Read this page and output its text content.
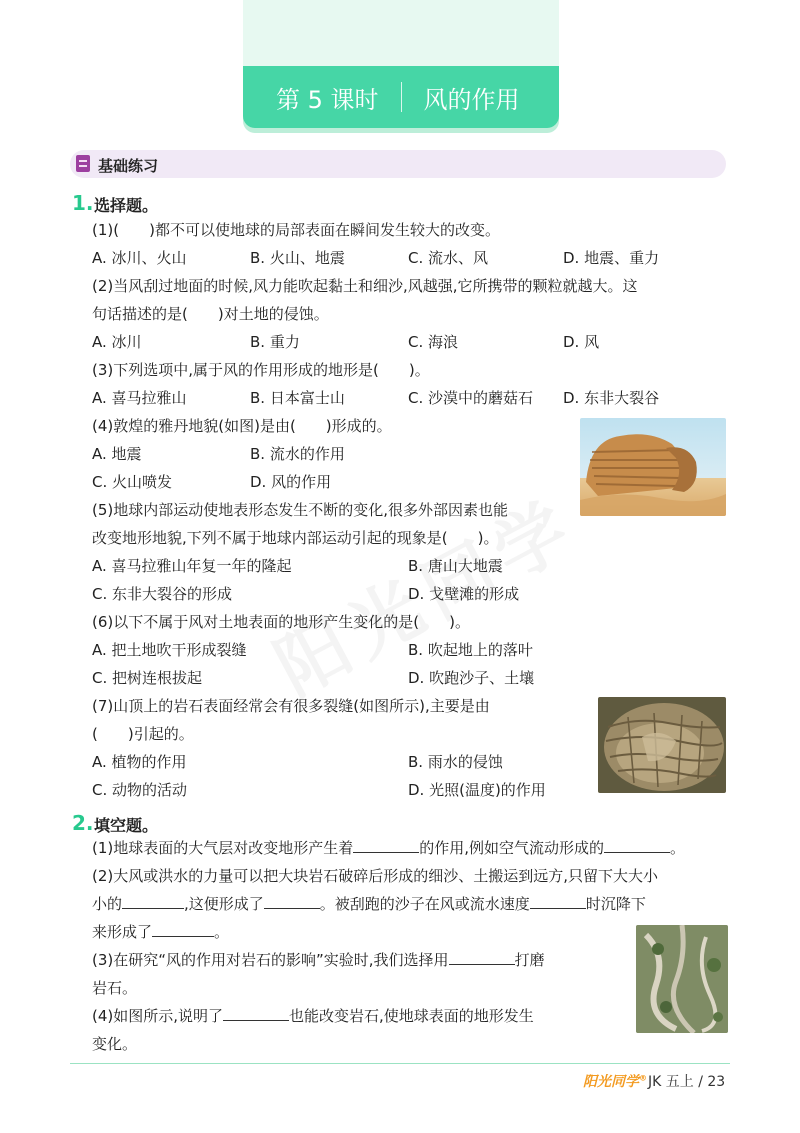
第 5 课时 风的作用
基础练习
1. 选择题。
(1)(　　)都不可以使地球的局部表面在瞬间发生较大的改变。
A. 冰川、火山	B. 火山、地震	C. 流水、风	D. 地震、重力
(2)当风刮过地面的时候,风力能吹起黏土和细沙,风越强,它所携带的颗粒就越大。这
句话描述的是(　　)对土地的侵蚀。
A. 冰川	B. 重力	C. 海浪	D. 风
(3)下列选项中,属于风的作用形成的地形是(　　)。
A. 喜马拉雅山	B. 日本富士山	C. 沙漠中的蘑菇石 D. 东非大裂谷
(4)敦煌的雅丹地貌(如图)是由(　　)形成的。
A. 地震	B. 流水的作用
C. 火山喷发	D. 风的作用
(5)地球内部运动使地表形态发生不断的变化,很多外部因素也能
改变地形地貌,下列不属于地球内部运动引起的现象是(　　)。
A. 喜马拉雅山年复一年的隆起	B. 唐山大地震
C. 东非大裂谷的形成	D. 戈壁滩的形成
(6)以下不属于风对土地表面的地形产生变化的是(　　)。
A. 把土地吹干形成裂缝	B. 吹起地上的落叶
C. 把树连根拔起	D. 吹跑沙子、土壤
(7)山顶上的岩石表面经常会有很多裂缝(如图所示),主要是由
(　　)引起的。
A. 植物的作用	B. 雨水的侵蚀
C. 动物的活动	D. 光照(温度)的作用
2. 填空题。
(1)地球表面的大气层对改变地形产生着	的作用,例如空气流动形成的	。
(2)大风或洪水的力量可以把大块岩石破碎后形成的细沙、土搬运到远方,只留下大大小
小的	,这便形成了	。被刮跑的沙子在风或流水速度	时沉降下
来形成了	。
(3)在研究“风的作用对岩石的影响”实验时,我们选择用	打磨
岩石。
(4)如图所示,说明了	也能改变岩石,使地球表面的地形发生
变化。
阳光同学® JK 五上 / 23
